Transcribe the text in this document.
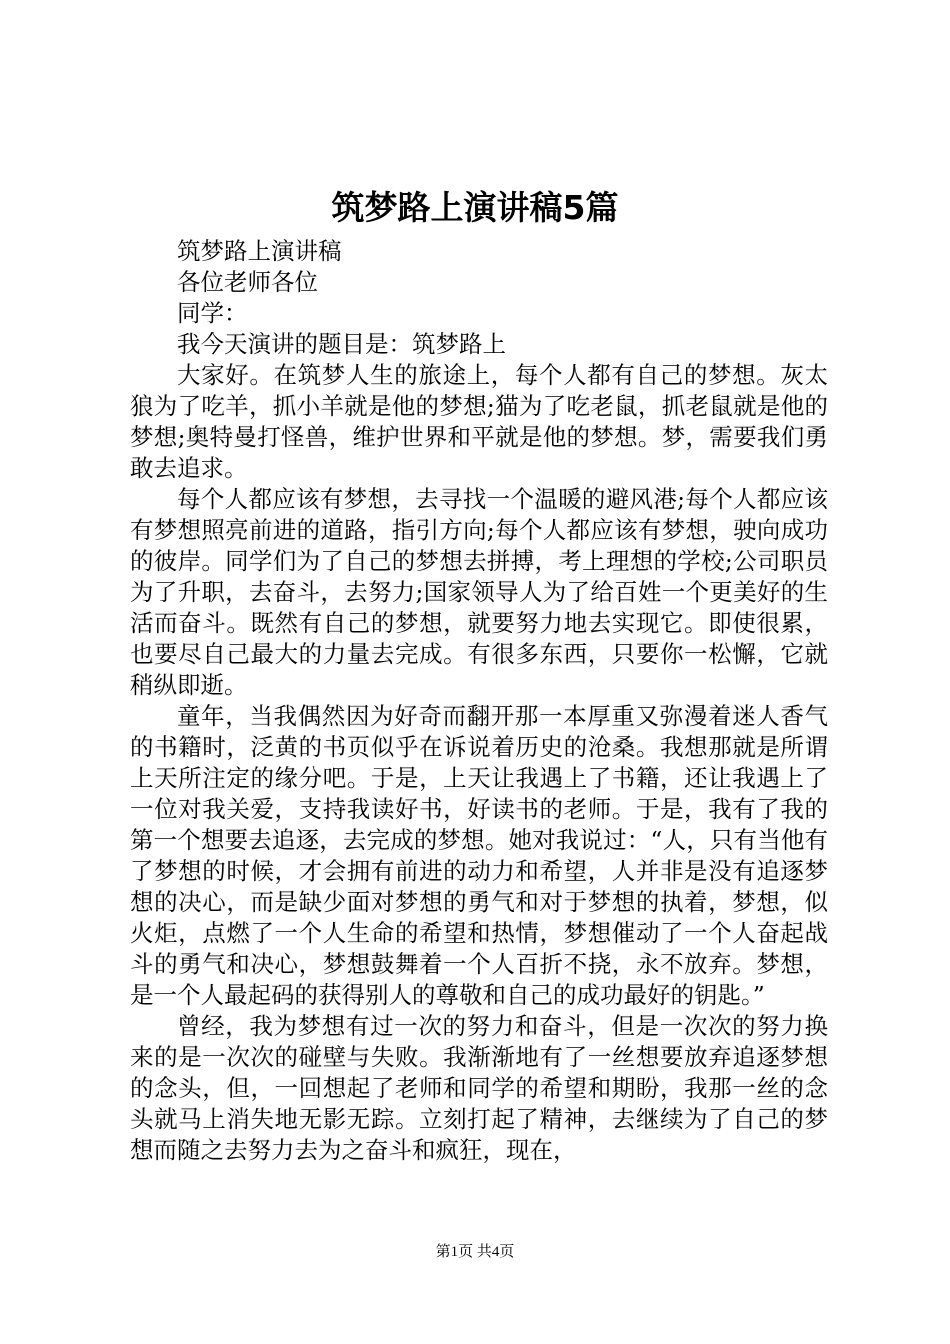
筑梦路上演讲稿5篇

筑梦路上演讲稿

各位老师各位

同学：

我今天演讲的题目是：筑梦路上

大家好。在筑梦人生的旅途上，每个人都有自己的梦想。灰太狼为了吃羊，抓小羊就是他的梦想;猫为了吃老鼠，抓老鼠就是他的梦想;奥特曼打怪兽，维护世界和平就是他的梦想。梦，需要我们勇敢去追求。

每个人都应该有梦想，去寻找一个温暖的避风港;每个人都应该有梦想照亮前进的道路，指引方向;每个人都应该有梦想，驶向成功的彼岸。同学们为了自己的梦想去拼搏，考上理想的学校;公司职员为了升职，去奋斗，去努力;国家领导人为了给百姓一个更美好的生活而奋斗。既然有自己的梦想，就要努力地去实现它。即使很累，也要尽自己最大的力量去完成。有很多东西，只要你一松懈，它就稍纵即逝。

童年，当我偶然因为好奇而翻开那一本厚重又弥漫着迷人香气的书籍时，泛黄的书页似乎在诉说着历史的沧桑。我想那就是所谓上天所注定的缘分吧。于是，上天让我遇上了书籍，还让我遇上了一位对我关爱，支持我读好书，好读书的老师。于是，我有了我的第一个想要去追逐，去完成的梦想。她对我说过：“人，只有当他有了梦想的时候，才会拥有前进的动力和希望，人并非是没有追逐梦想的决心，而是缺少面对梦想的勇气和对于梦想的执着，梦想，似火炬，点燃了一个人生命的希望和热情，梦想催动了一个人奋起战斗的勇气和决心，梦想鼓舞着一个人百折不挠，永不放弃。梦想，是一个人最起码的获得别人的尊敬和自己的成功最好的钥匙。”

曾经，我为梦想有过一次的努力和奋斗，但是一次次的努力换来的是一次次的碰壁与失败。我渐渐地有了一丝想要放弃追逐梦想的念头，但，一回想起了老师和同学的希望和期盼，我那一丝的念头就马上消失地无影无踪。立刻打起了精神，去继续为了自己的梦想而随之去努力去为之奋斗和疯狂，现在，

第1页 共4页
